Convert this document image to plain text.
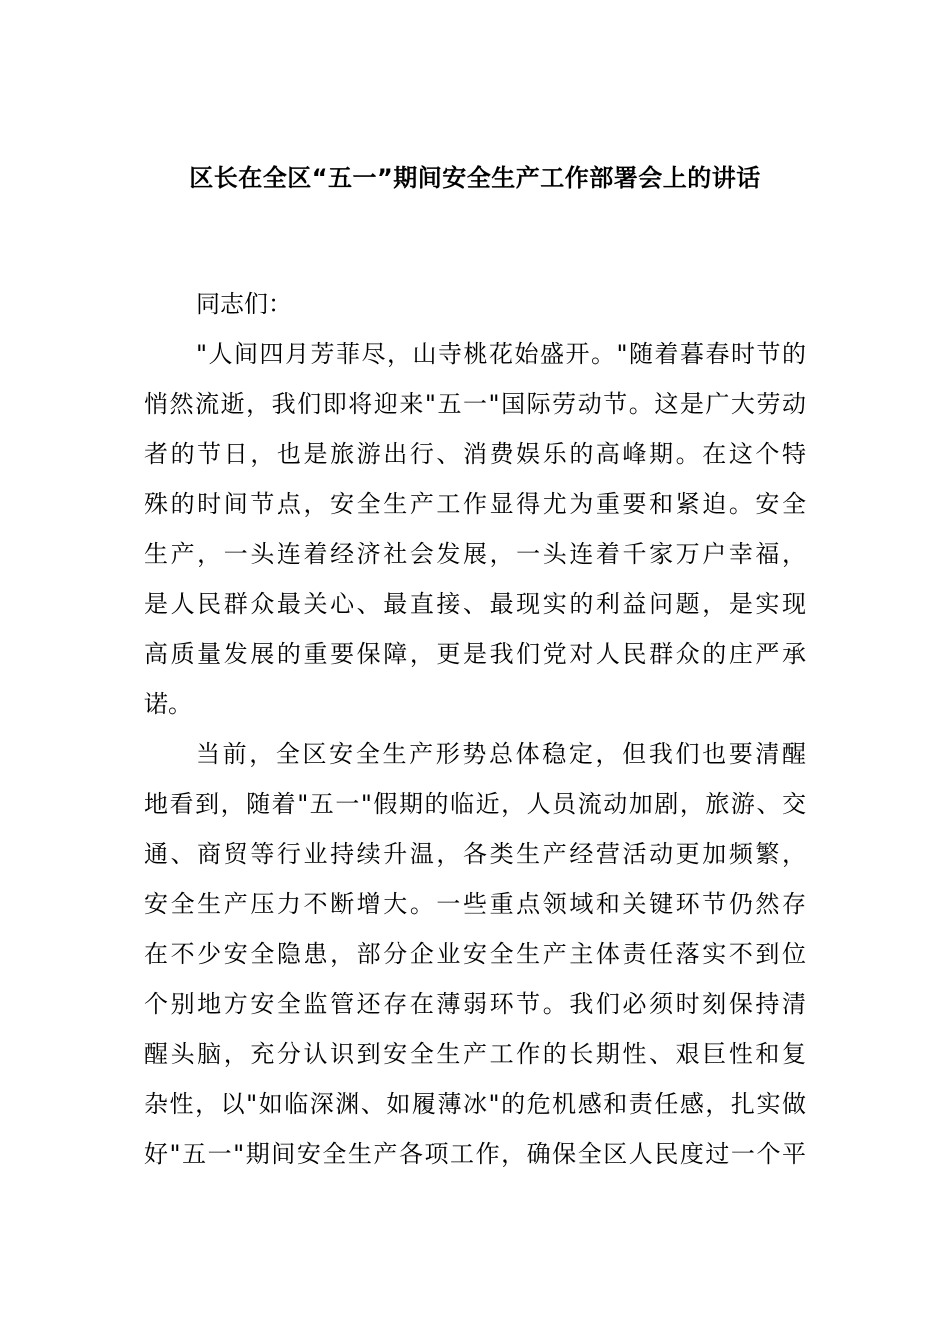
区长在全区“五一”期间安全生产工作部署会上的讲话
同志们：
"人间四月芳菲尽，山寺桃花始盛开。"随着暮春时节的
悄然流逝，我们即将迎来"五一"国际劳动节。这是广大劳动
者的节日，也是旅游出行、消费娱乐的高峰期。在这个特
殊的时间节点，安全生产工作显得尤为重要和紧迫。安全
生产，一头连着经济社会发展，一头连着千家万户幸福，
是人民群众最关心、最直接、最现实的利益问题，是实现
高质量发展的重要保障，更是我们党对人民群众的庄严承
诺。
当前，全区安全生产形势总体稳定，但我们也要清醒
地看到，随着"五一"假期的临近，人员流动加剧，旅游、交
通、商贸等行业持续升温，各类生产经营活动更加频繁，
安全生产压力不断增大。一些重点领域和关键环节仍然存
在不少安全隐患，部分企业安全生产主体责任落实不到位
个别地方安全监管还存在薄弱环节。我们必须时刻保持清
醒头脑，充分认识到安全生产工作的长期性、艰巨性和复
杂性，以"如临深渊、如履薄冰"的危机感和责任感，扎实做
好"五一"期间安全生产各项工作，确保全区人民度过一个平
